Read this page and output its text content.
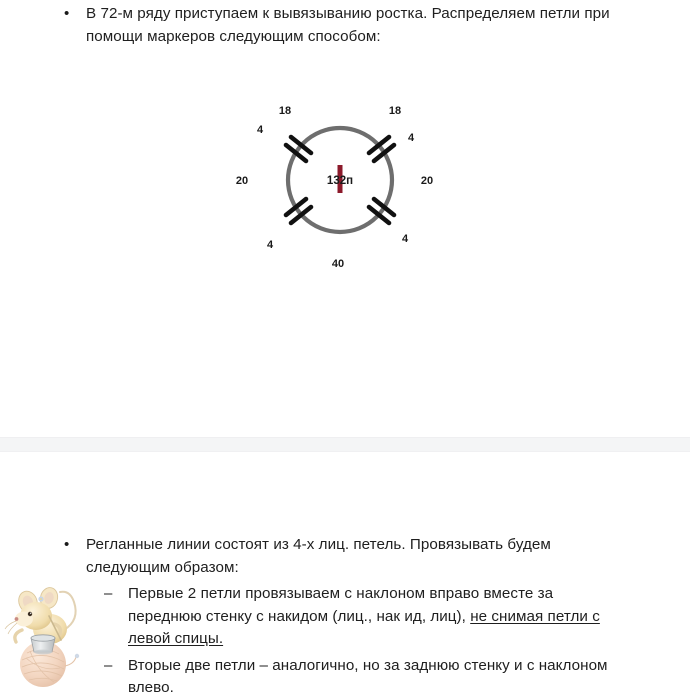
•	В 72-м ряду приступаем к вывязыванию ростка. Распределяем петли при помощи маркеров следующим способом:
132п
18	18
4
4
20	20
4	4
40
•	Регланные линии состоят из 4-х лиц. петель. Провязывать будем следующим образом:
–	Первые 2 петли провязываем с наклоном вправо вместе за переднюю стенку с накидом (лиц., нак ид, лиц), не снимая петли с левой спицы.
–	Вторые две петли – аналогично, но за заднюю стенку и с наклоном влево.
